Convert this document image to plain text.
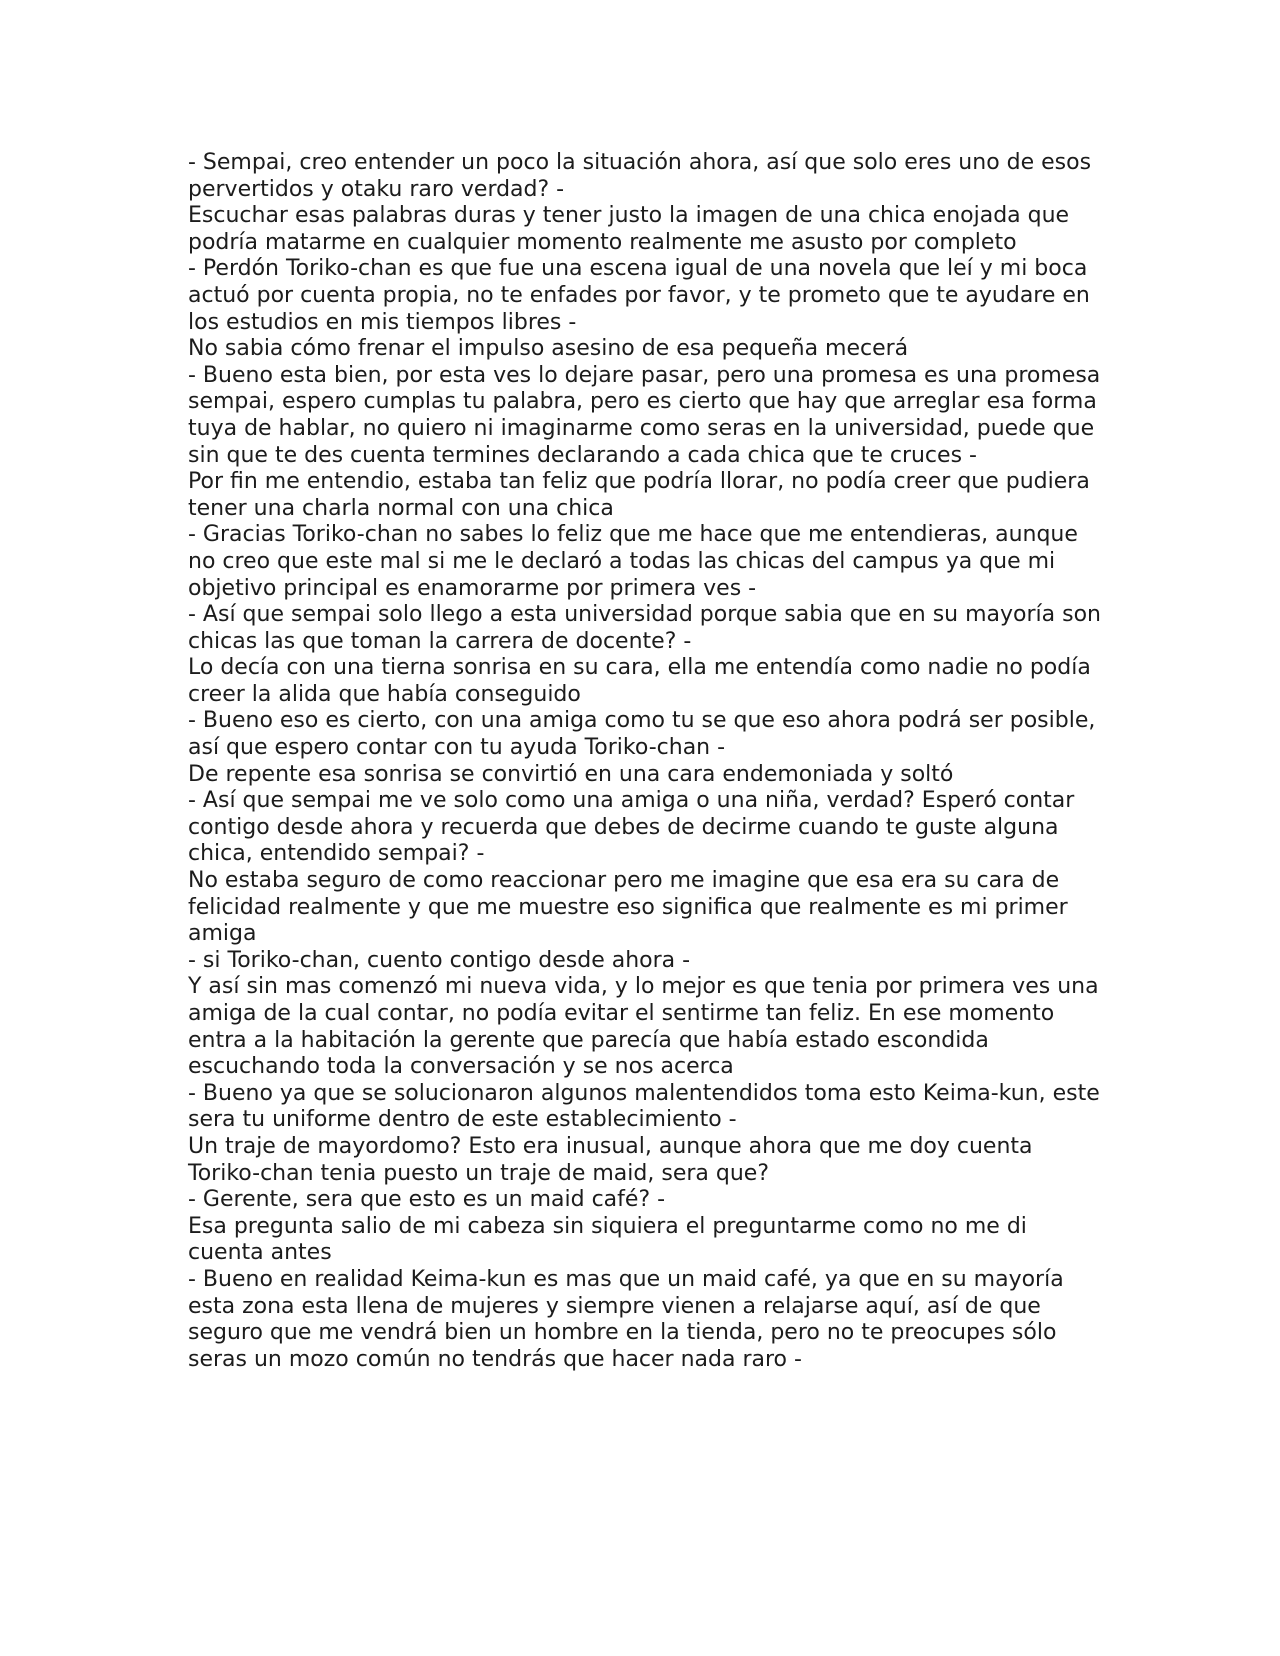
- Sempai, creo entender un poco la situación ahora, así que solo eres uno de esos pervertidos y otaku raro verdad? -

Escuchar esas palabras duras y tener justo la imagen de una chica enojada que podría matarme en cualquier momento realmente me asusto por completo

- Perdón Toriko-chan es que fue una escena igual de una novela que leí y mi boca actuó por cuenta propia, no te enfades por favor, y te prometo que te ayudare en los estudios en mis tiempos libres -

No sabia cómo frenar el impulso asesino de esa pequeña mecerá

- Bueno esta bien, por esta ves lo dejare pasar, pero una promesa es una promesa sempai, espero cumplas tu palabra, pero es cierto que hay que arreglar esa forma tuya de hablar, no quiero ni imaginarme como seras en la universidad, puede que sin que te des cuenta termines declarando a cada chica que te cruces -

Por fin me entendio, estaba tan feliz que podría llorar, no podía creer que pudiera tener una charla normal con una chica

- Gracias Toriko-chan no sabes lo feliz que me hace que me entendieras, aunque no creo que este mal si me le declaró a todas las chicas del campus ya que mi objetivo principal es enamorarme por primera ves -

- Así que sempai solo llego a esta universidad porque sabia que en su mayoría son chicas las que toman la carrera de docente? -

Lo decía con una tierna sonrisa en su cara, ella me entendía como nadie no podía creer la alida que había conseguido

- Bueno eso es cierto, con una amiga como tu se que eso ahora podrá ser posible, así que espero contar con tu ayuda Toriko-chan -

De repente esa sonrisa se convirtió en una cara endemoniada y soltó

- Así que sempai me ve solo como una amiga o una niña, verdad? Esperó contar contigo desde ahora y recuerda que debes de decirme cuando te guste alguna chica, entendido sempai? -

No estaba seguro de como reaccionar pero me imagine que esa era su cara de felicidad realmente y que me muestre eso significa que realmente es mi primer amiga

- si Toriko-chan, cuento contigo desde ahora -

Y así sin mas comenzó mi nueva vida, y lo mejor es que tenia por primera ves una amiga de la cual contar, no podía evitar el sentirme tan feliz. En ese momento entra a la habitación la gerente que parecía que había estado escondida escuchando toda la conversación y se nos acerca

- Bueno ya que se solucionaron algunos malentendidos toma esto Keima-kun, este sera tu uniforme dentro de este establecimiento -

Un traje de mayordomo? Esto era inusual, aunque ahora que me doy cuenta Toriko-chan tenia puesto un traje de maid, sera que?

- Gerente, sera que esto es un maid café? -

Esa pregunta salio de mi cabeza sin siquiera el preguntarme como no me di cuenta antes

- Bueno en realidad Keima-kun es mas que un maid café, ya que en su mayoría esta zona esta llena de mujeres y siempre vienen a relajarse aquí, así de que seguro que me vendrá bien un hombre en la tienda, pero no te preocupes sólo seras un mozo común no tendrás que hacer nada raro -
